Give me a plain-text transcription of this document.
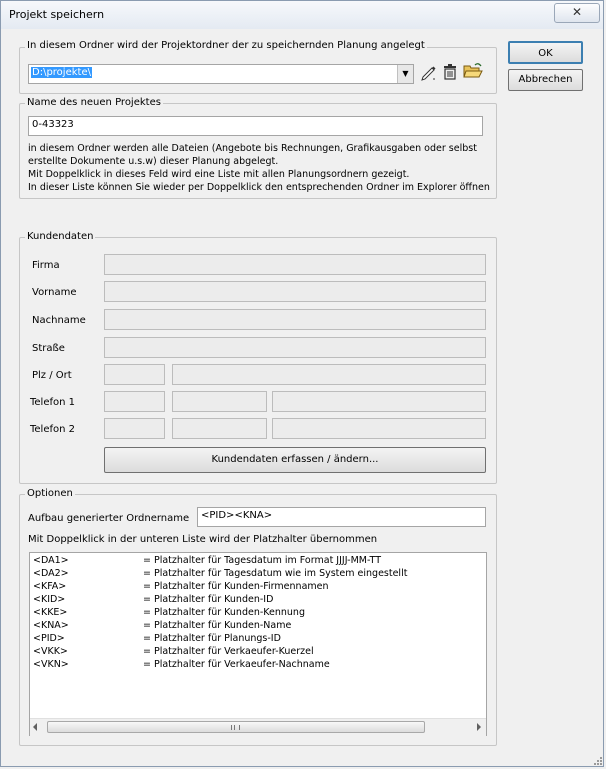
Projekt speichern	✕
OK
Abbrechen
In diesem Ordner wird der Projektordner der zu speichernden Planung angelegt
D:\projekte\	▼
Name des neuen Projektes
0-43323
in diesem Ordner werden alle Dateien (Angebote bis Rechnungen, Grafikausgaben oder selbst
erstellte Dokumente u.s.w) dieser Planung abgelegt.
Mit Doppelklick in dieses Feld wird eine Liste mit allen Planungsordnern gezeigt.
In dieser Liste können Sie wieder per Doppelklick den entsprechenden Ordner im Explorer öffnen
Kundendaten
Firma
Vorname
Nachname
Straße
Plz / Ort
Telefon 1
Telefon 2
Kundendaten erfassen / ändern...
Optionen
Aufbau generierter Ordnername	<PID><KNA>
Mit Doppelklick in der unteren Liste wird der Platzhalter übernommen
<DA1>	= Platzhalter für Tagesdatum im Format JJJJ-MM-TT
<DA2>	= Platzhalter für Tagesdatum wie im System eingestellt
<KFA>	= Platzhalter für Kunden-Firmennamen
<KID>	= Platzhalter für Kunden-ID
<KKE>	= Platzhalter für Kunden-Kennung
<KNA>	= Platzhalter für Kunden-Name
<PID>	= Platzhalter für Planungs-ID
<VKK>	= Platzhalter für Verkaeufer-Kuerzel
<VKN>	= Platzhalter für Verkaeufer-Nachname
